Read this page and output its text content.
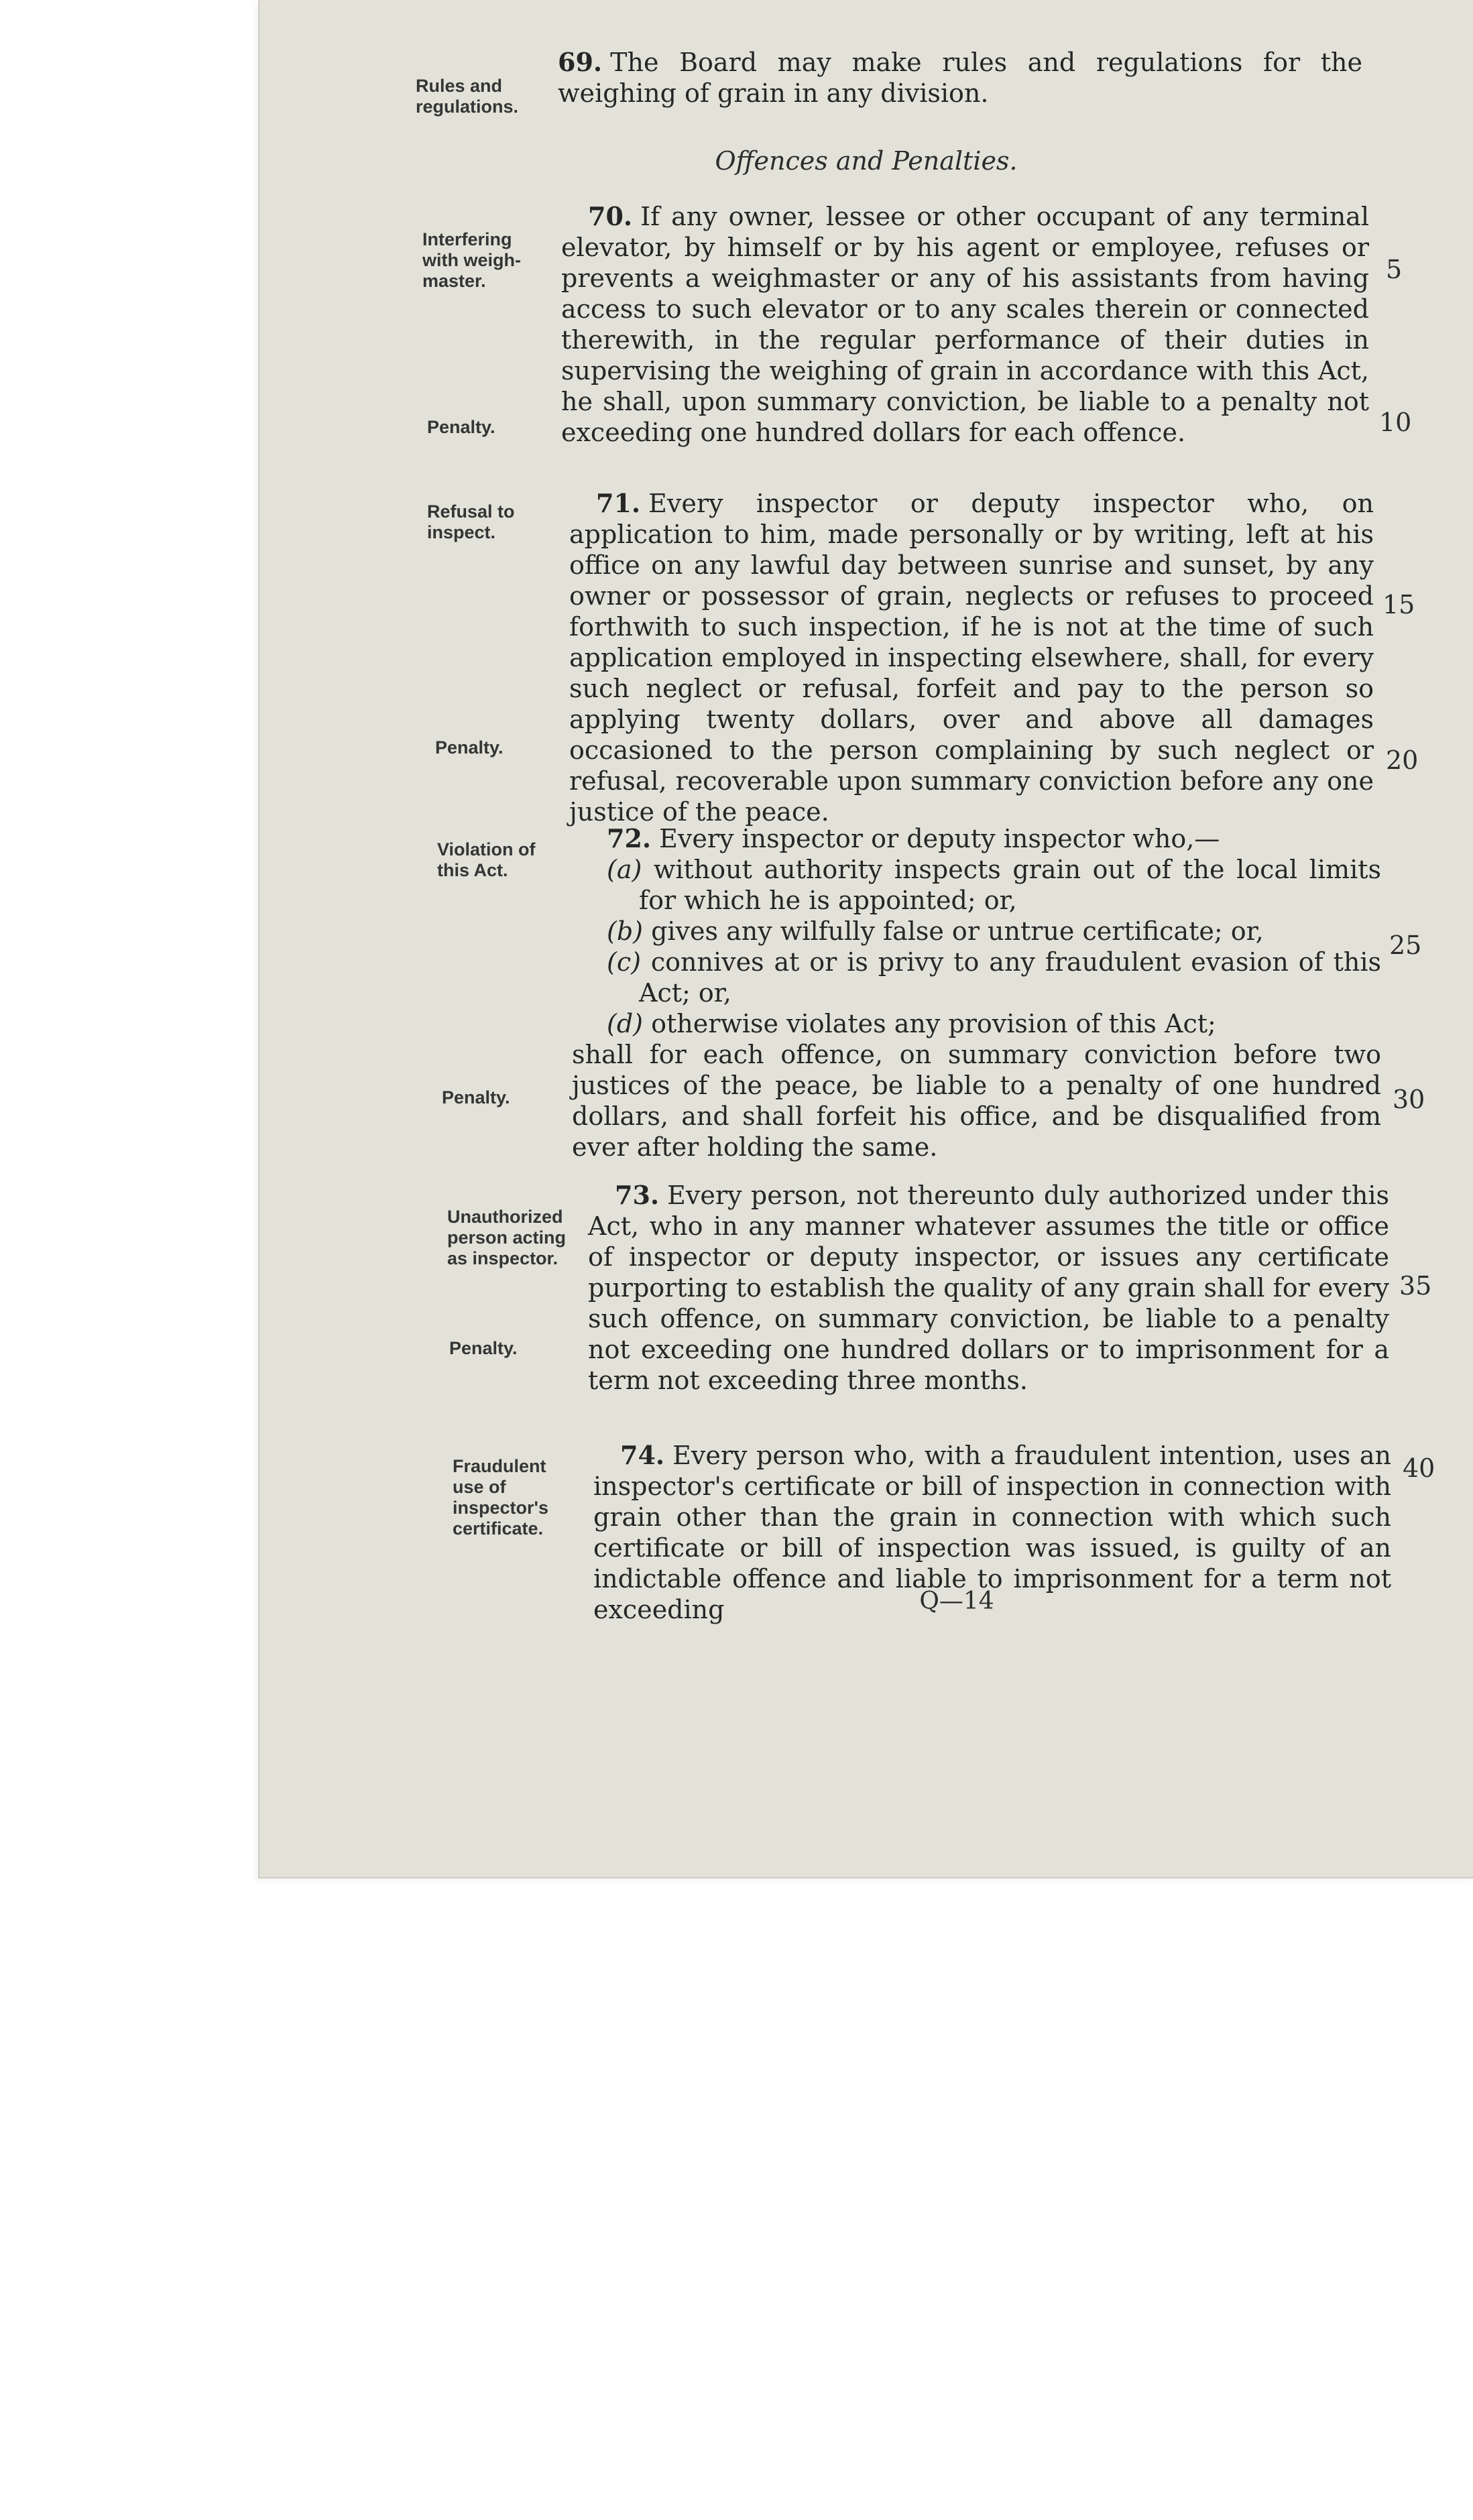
Rules and
regulations.
69. The Board may make rules and regulations for the weighing of grain in any division.
Offences and Penalties.
Interfering
with weigh-
master.
Penalty.
70. If any owner, lessee or other occupant of any terminal elevator, by himself or by his agent or employee, refuses or prevents a weighmaster or any of his assistants from having access to such elevator or to any scales therein or connected therewith, in the regular performance of their duties in supervising the weighing of grain in accordance with this Act, he shall, upon summary conviction, be liable to a penalty not exceeding one hundred dollars for each offence.
Refusal to
inspect.
Penalty.
71. Every inspector or deputy inspector who, on application to him, made personally or by writing, left at his office on any lawful day between sunrise and sunset, by any owner or possessor of grain, neglects or refuses to proceed forthwith to such inspection, if he is not at the time of such application employed in inspecting elsewhere, shall, for every such neglect or refusal, forfeit and pay to the person so applying twenty dollars, over and above all damages occasioned to the person complaining by such neglect or refusal, recoverable upon summary conviction before any one justice of the peace.
Violation of
this Act.
Penalty.
72. Every inspector or deputy inspector who,—
(a) without authority inspects grain out of the local limits for which he is appointed; or,
(b) gives any wilfully false or untrue certificate; or,
(c) connives at or is privy to any fraudulent evasion of this Act; or,
(d) otherwise violates any provision of this Act;
shall for each offence, on summary conviction before two justices of the peace, be liable to a penalty of one hundred dollars, and shall forfeit his office, and be disqualified from ever after holding the same.
Unauthorized
person acting
as inspector.
Penalty.
73. Every person, not thereunto duly authorized under this Act, who in any manner whatever assumes the title or office of inspector or deputy inspector, or issues any certificate purporting to establish the quality of any grain shall for every such offence, on summary conviction, be liable to a penalty not exceeding one hundred dollars or to imprisonment for a term not exceeding three months.
Fraudulent
use of
inspector's
certificate.
74. Every person who, with a fraudulent intention, uses an inspector's certificate or bill of inspection in connection with grain other than the grain in connection with which such certificate or bill of inspection was issued, is guilty of an indictable offence and liable to imprisonment for a term not exceeding
5
10
15
20
25
30
35
40
Q—14
